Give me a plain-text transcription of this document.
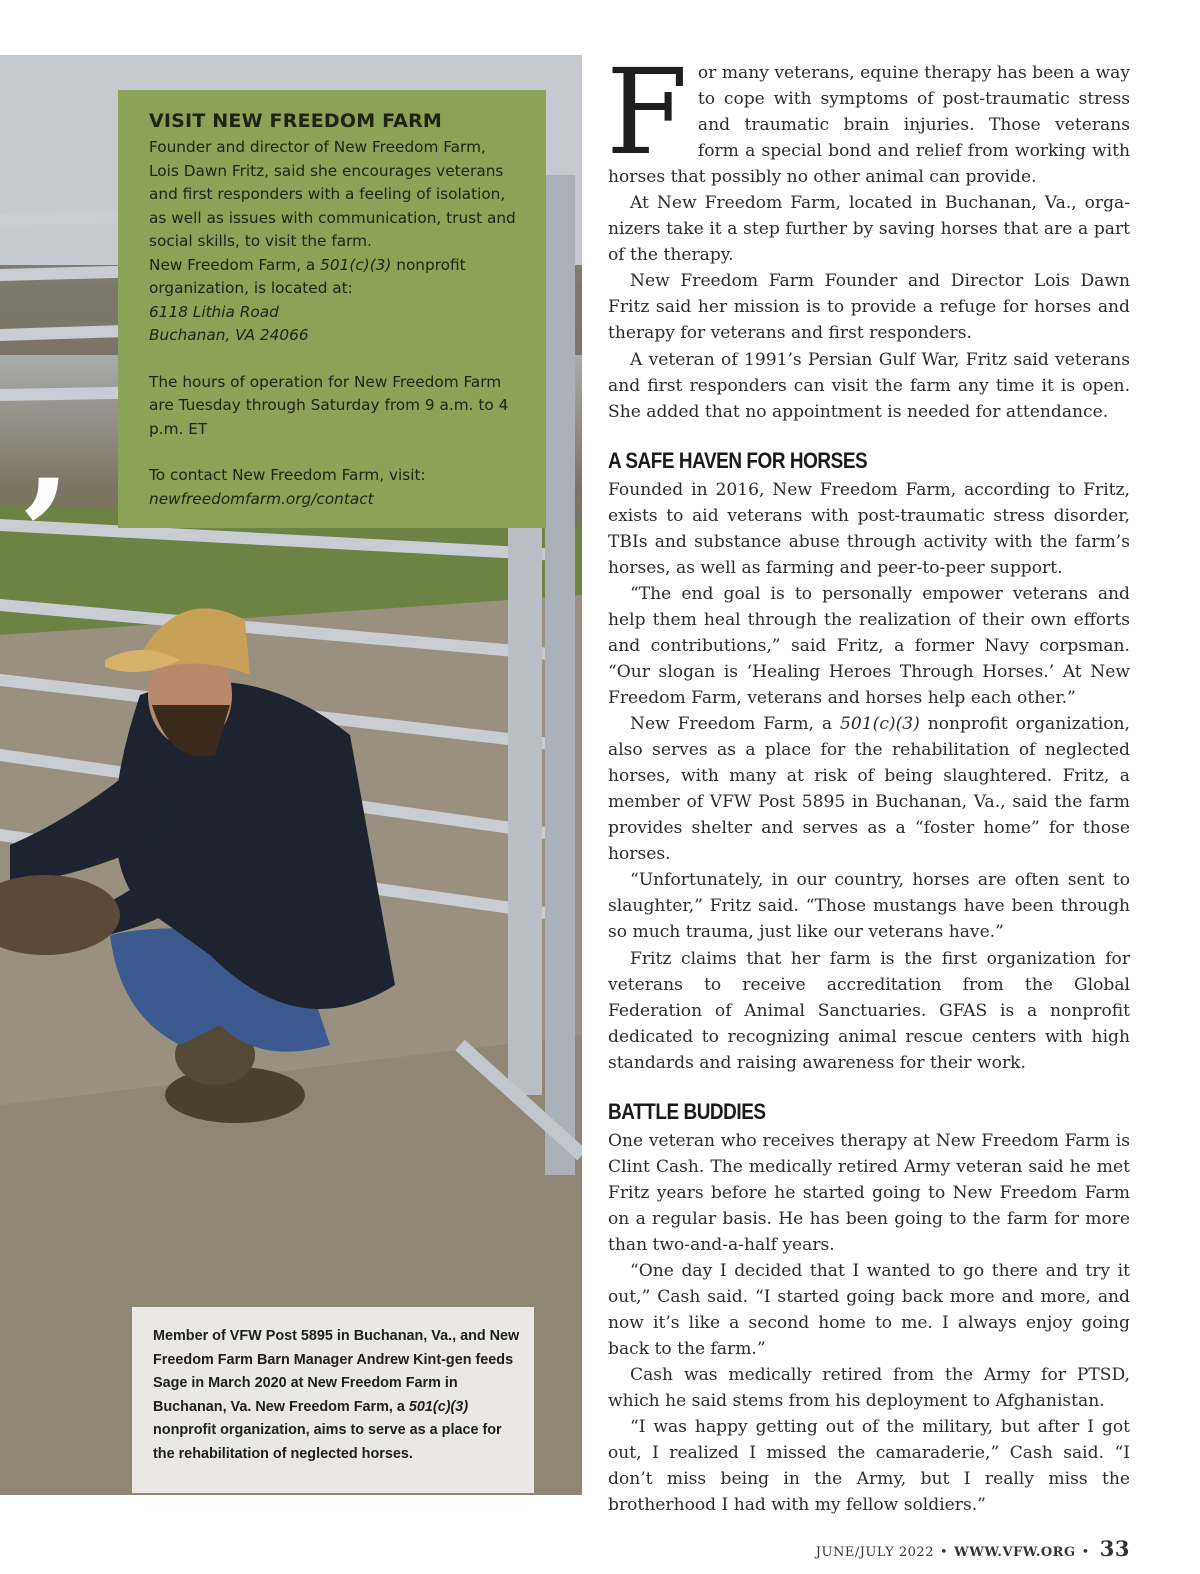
’
VISIT NEW FREEDOM FARM

Founder and director of New Freedom Farm, Lois Dawn Fritz, said she encourages veterans and first responders with a feeling of isolation, as well as issues with communication, trust and social skills, to visit the farm.

New Freedom Farm, a 501(c)(3) nonprofit organization, is located at:

6118 Lithia Road
Buchanan, VA 24066

The hours of operation for New Freedom Farm are Tuesday through Saturday from 9 a.m. to 4 p.m. ET

To contact New Freedom Farm, visit:

newfreedomfarm.org/contact

Member of VFW Post 5895 in Buchanan, Va., and New Freedom Farm Barn Manager Andrew Kint-gen feeds Sage in March 2020 at New Freedom Farm in Buchanan, Va. New Freedom Farm, a 501(c)(3) nonprofit organization, aims to serve as a place for the rehabilitation of neglected horses.

For many veterans, equine therapy has been a way to cope with symptoms of post-traumatic stress and traumatic brain injuries. Those veterans form a special bond and relief from working with horses that possibly no other animal can provide.

At New Freedom Farm, located in Buchanan, Va., organizers take it a step further by saving horses that are a part of the therapy.

New Freedom Farm Founder and Director Lois Dawn Fritz said her mission is to provide a refuge for horses and therapy for veterans and first responders.

A veteran of 1991’s Persian Gulf War, Fritz said veterans and first responders can visit the farm any time it is open. She added that no appointment is needed for attendance.

A SAFE HAVEN FOR HORSES

Founded in 2016, New Freedom Farm, according to Fritz, exists to aid veterans with post-traumatic stress disorder, TBIs and substance abuse through activity with the farm’s horses, as well as farming and peer-to-peer support.

“The end goal is to personally empower veterans and help them heal through the realization of their own efforts and contributions,” said Fritz, a former Navy corpsman. “Our slogan is ‘Healing Heroes Through Horses.’ At New Freedom Farm, veterans and horses help each other.”

New Freedom Farm, a 501(c)(3) nonprofit organization, also serves as a place for the rehabilitation of neglected horses, with many at risk of being slaughtered. Fritz, a member of VFW Post 5895 in Buchanan, Va., said the farm provides shelter and serves as a “foster home” for those horses.

“Unfortunately, in our country, horses are often sent to slaughter,” Fritz said. “Those mustangs have been through so much trauma, just like our veterans have.”

Fritz claims that her farm is the first organization for veterans to receive accreditation from the Global Federation of Animal Sanctuaries. GFAS is a nonprofit dedicated to recognizing animal rescue centers with high standards and raising awareness for their work.

BATTLE BUDDIES

One veteran who receives therapy at New Freedom Farm is Clint Cash. The medically retired Army veteran said he met Fritz years before he started going to New Freedom Farm on a regular basis. He has been going to the farm for more than two-and-a-half years.

“One day I decided that I wanted to go there and try it out,” Cash said. “I started going back more and more, and now it’s like a second home to me. I always enjoy going back to the farm.”

Cash was medically retired from the Army for PTSD, which he said stems from his deployment to Afghanistan.

“I was happy getting out of the military, but after I got out, I realized I missed the camaraderie,” Cash said. “I don’t miss being in the Army, but I really miss the brotherhood I had with my fellow soldiers.”

JUNE/JULY 2022 • WWW.VFW.ORG • 33
